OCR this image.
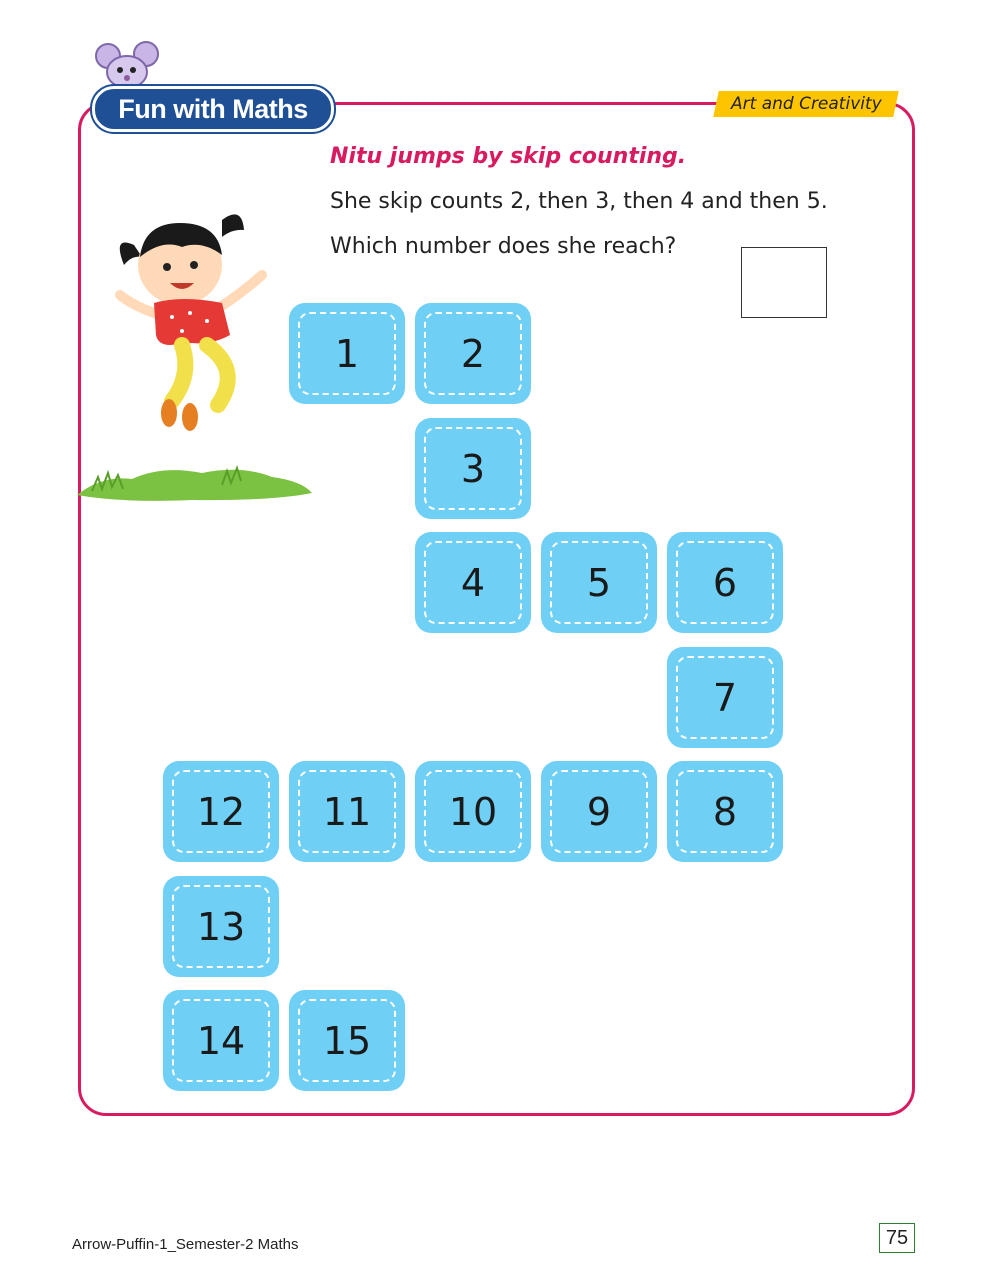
Fun with Maths	Art and Creativity
Nitu jumps by skip counting.
She skip counts 2, then 3, then 4 and then 5.
Which number does she reach?
1	2
3
4	5	6
7
8
9
10
11
12
13
14	15
Arrow-Puffin-1_Semester-2 Maths	75
